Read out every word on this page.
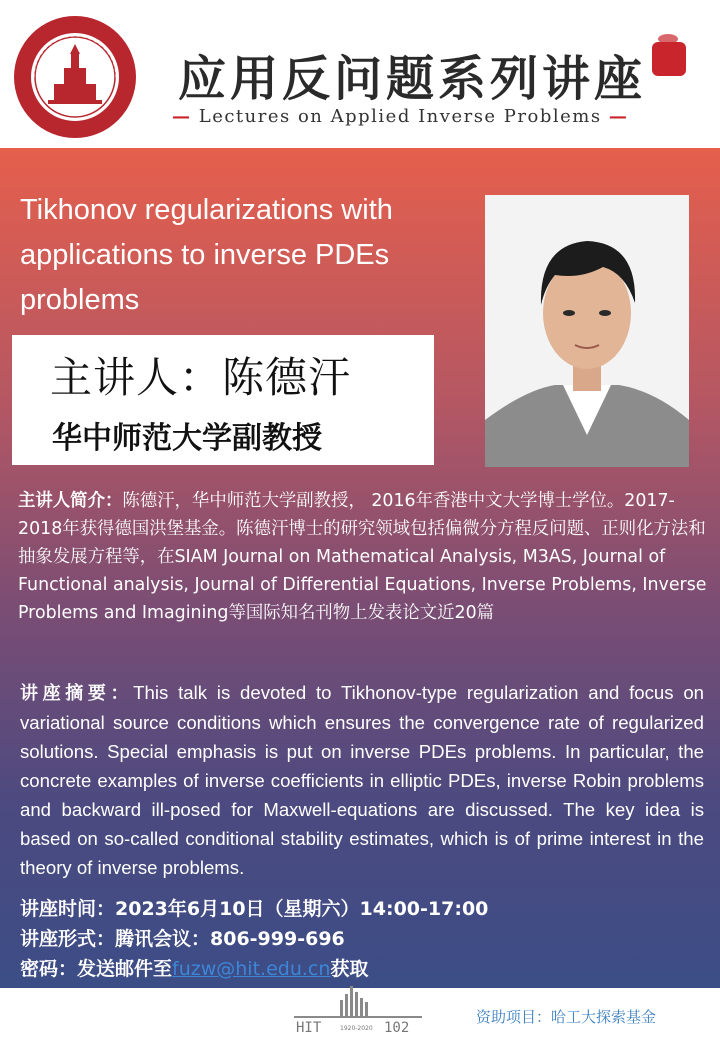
应用反问题系列讲座
— Lectures on Applied Inverse Problems —
Tikhonov regularizations with applications to inverse PDEs problems
主讲人：陈德汗
华中师范大学副教授
主讲人简介：陈德汗，华中师范大学副教授， 2016年香港中文大学博士学位。2017-2018年获得德国洪堡基金。陈德汗博士的研究领域包括偏微分方程反问题、正则化方法和抽象发展方程等，在SIAM Journal on Mathematical Analysis, M3AS, Journal of Functional analysis, Journal of Differential Equations, Inverse Problems, Inverse Problems and Imagining等国际知名刊物上发表论文近20篇
讲座摘要：This talk is devoted to Tikhonov-type regularization and focus on variational source conditions which ensures the convergence rate of regularized solutions. Special emphasis is put on inverse PDEs problems. In particular, the concrete examples of inverse coefficients in elliptic PDEs, inverse Robin problems and backward ill-posed for Maxwell-equations are discussed. The key idea is based on so-called conditional stability estimates, which is of prime interest in the theory of inverse problems.
讲座时间：2023年6月10日（星期六）14:00-17:00
讲座形式：腾讯会议：806-999-696
密码：发送邮件至fuzw@hit.edu.cn获取
HIT	102
1920-2020
资助项目：哈工大探索基金
